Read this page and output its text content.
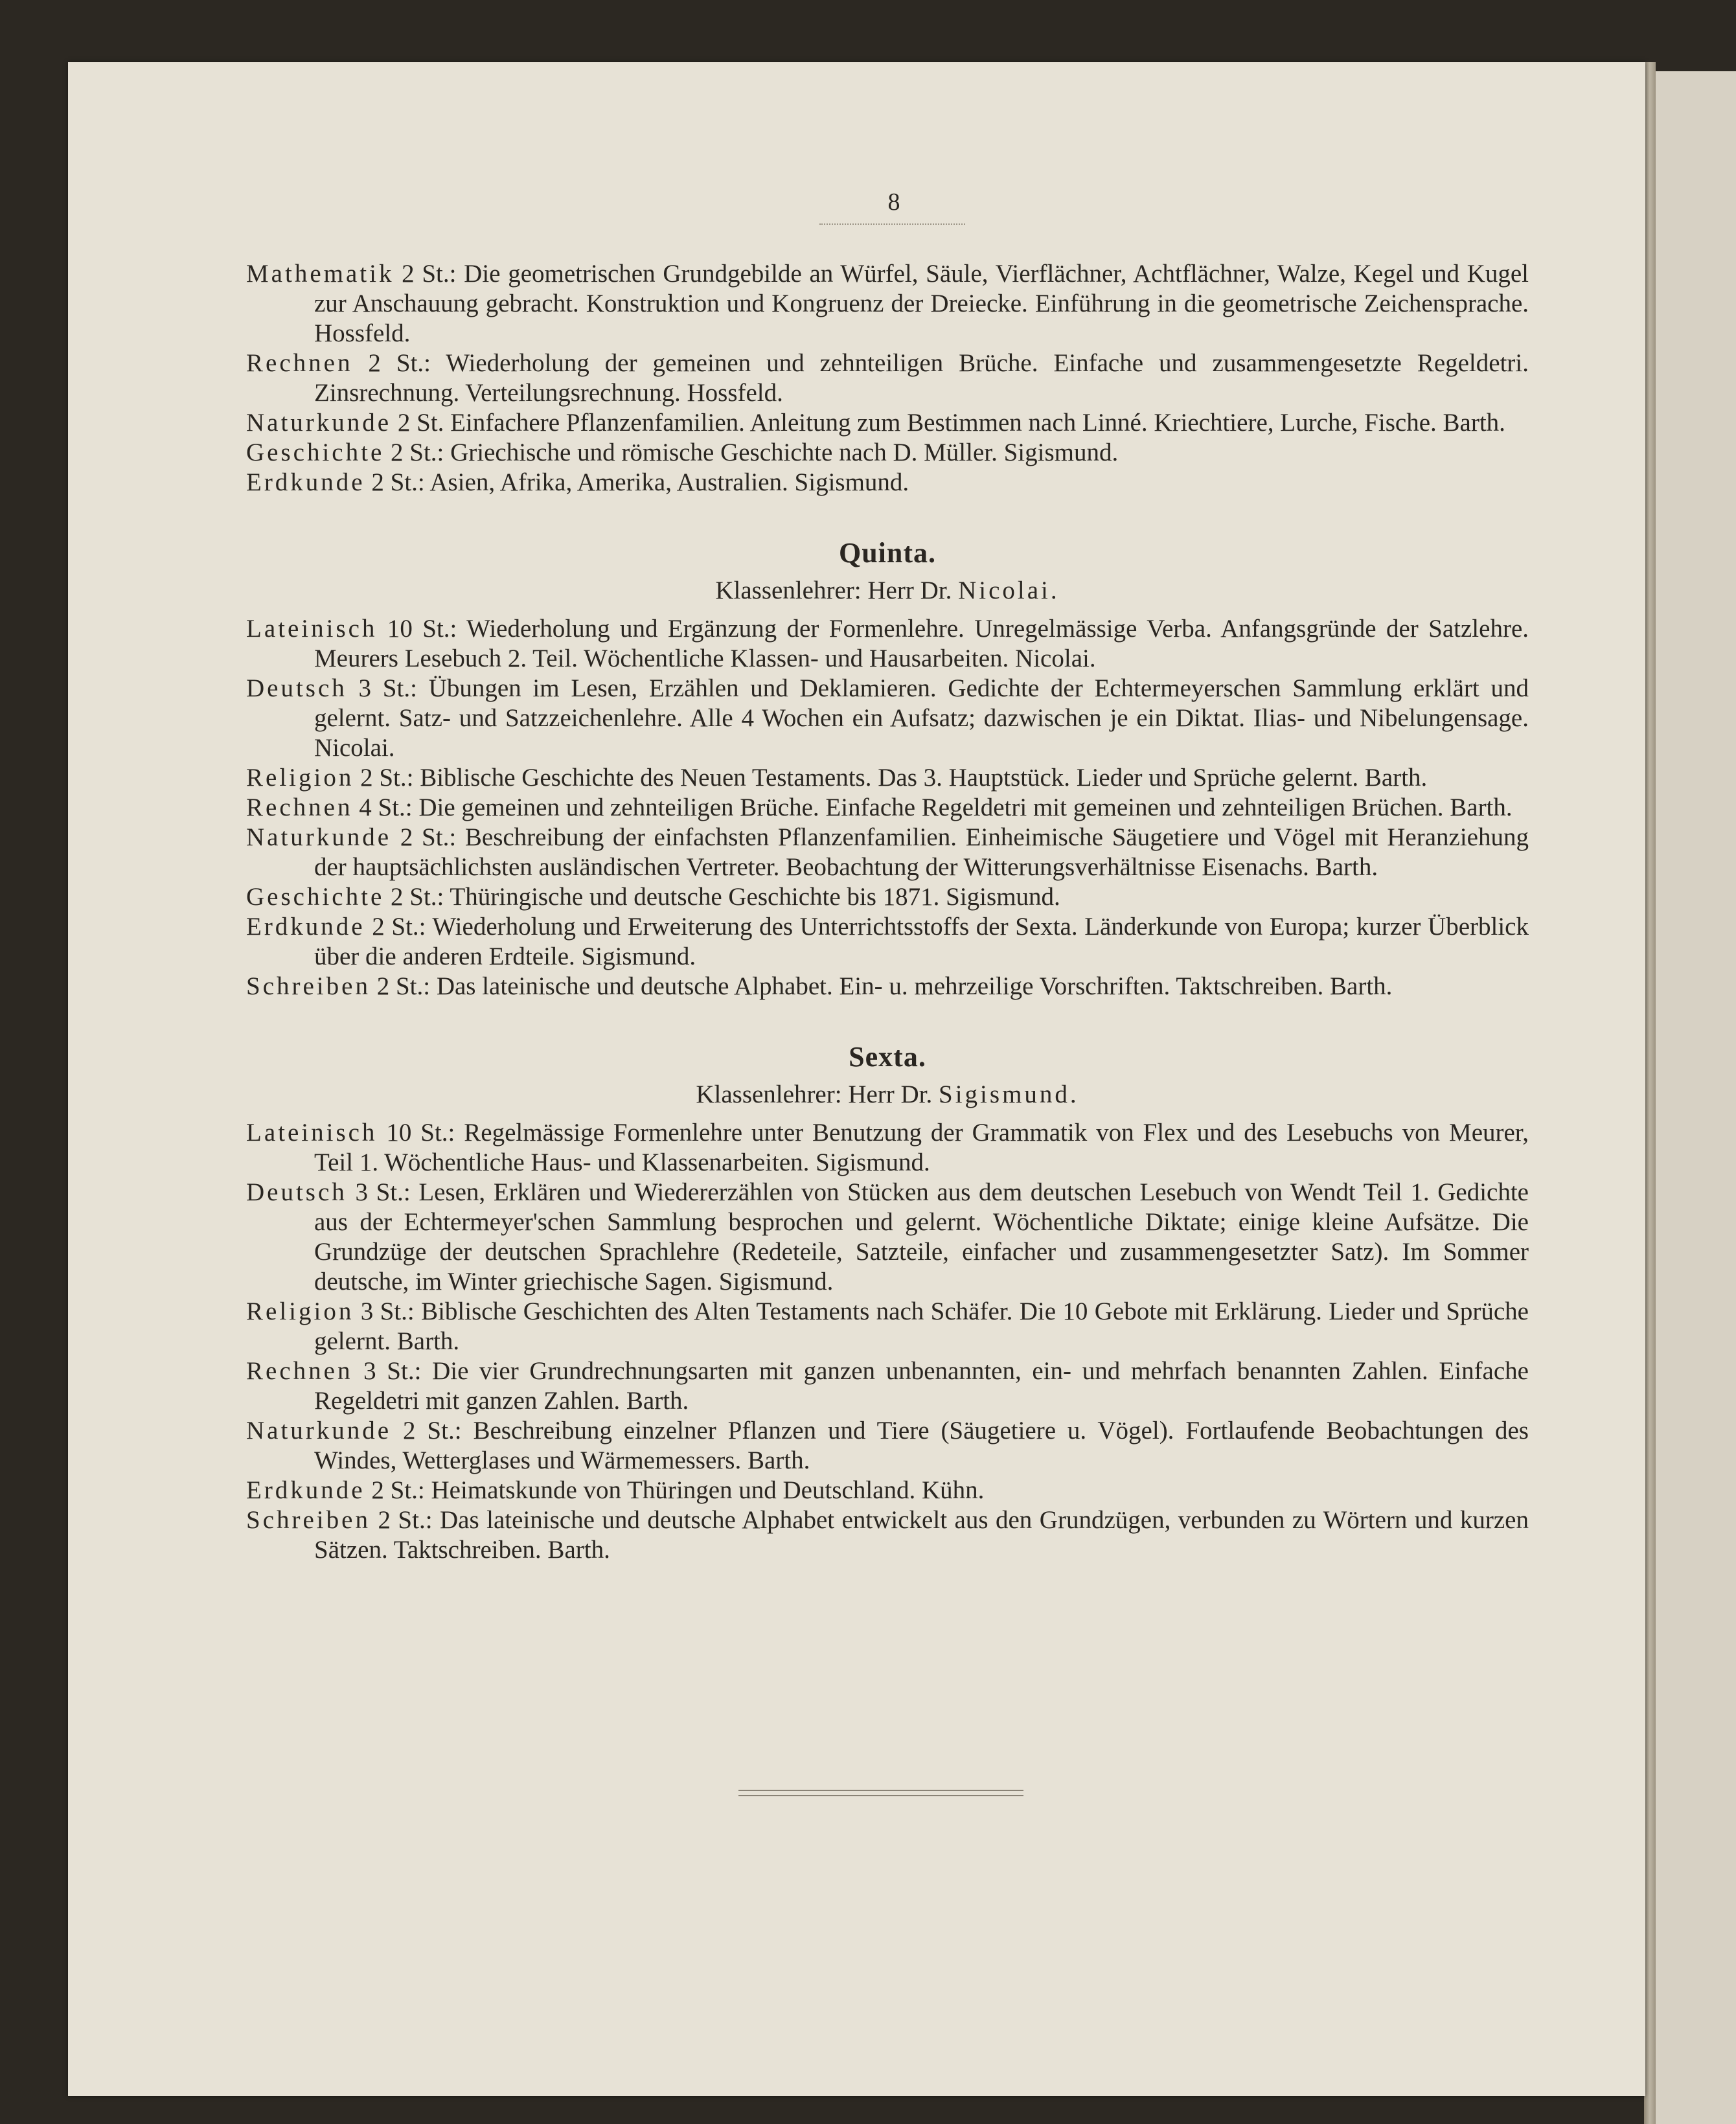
8

Mathematik 2 St.: Die geometrischen Grundgebilde an Würfel, Säule, Vierflächner, Achtflächner, Walze, Kegel und Kugel zur Anschauung gebracht. Konstruktion und Kongruenz der Dreiecke. Einführung in die geometrische Zeichensprache. Hossfeld.

Rechnen 2 St.: Wiederholung der gemeinen und zehnteiligen Brüche. Einfache und zusammengesetzte Regeldetri. Zinsrechnung. Verteilungsrechnung. Hossfeld.

Naturkunde 2 St. Einfachere Pflanzenfamilien. Anleitung zum Bestimmen nach Linné. Kriechtiere, Lurche, Fische. Barth.

Geschichte 2 St.: Griechische und römische Geschichte nach D. Müller. Sigismund.

Erdkunde 2 St.: Asien, Afrika, Amerika, Australien. Sigismund.

Quinta.
Klassenlehrer: Herr Dr. Nicolai.

Lateinisch 10 St.: Wiederholung und Ergänzung der Formenlehre. Unregelmässige Verba. Anfangsgründe der Satzlehre. Meurers Lesebuch 2. Teil. Wöchentliche Klassen- und Hausarbeiten. Nicolai.

Deutsch 3 St.: Übungen im Lesen, Erzählen und Deklamieren. Gedichte der Echtermeyerschen Sammlung erklärt und gelernt. Satz- und Satzzeichenlehre. Alle 4 Wochen ein Aufsatz; dazwischen je ein Diktat. Ilias- und Nibelungensage. Nicolai.

Religion 2 St.: Biblische Geschichte des Neuen Testaments. Das 3. Hauptstück. Lieder und Sprüche gelernt. Barth.

Rechnen 4 St.: Die gemeinen und zehnteiligen Brüche. Einfache Regeldetri mit gemeinen und zehnteiligen Brüchen. Barth.

Naturkunde 2 St.: Beschreibung der einfachsten Pflanzenfamilien. Einheimische Säugetiere und Vögel mit Heranziehung der hauptsächlichsten ausländischen Vertreter. Beobachtung der Witterungsverhältnisse Eisenachs. Barth.

Geschichte 2 St.: Thüringische und deutsche Geschichte bis 1871. Sigismund.

Erdkunde 2 St.: Wiederholung und Erweiterung des Unterrichtsstoffs der Sexta. Länderkunde von Europa; kurzer Überblick über die anderen Erdteile. Sigismund.

Schreiben 2 St.: Das lateinische und deutsche Alphabet. Ein- u. mehrzeilige Vorschriften. Taktschreiben. Barth.

Sexta.
Klassenlehrer: Herr Dr. Sigismund.

Lateinisch 10 St.: Regelmässige Formenlehre unter Benutzung der Grammatik von Flex und des Lesebuchs von Meurer, Teil 1. Wöchentliche Haus- und Klassenarbeiten. Sigismund.

Deutsch 3 St.: Lesen, Erklären und Wiedererzählen von Stücken aus dem deutschen Lesebuch von Wendt Teil 1. Gedichte aus der Echtermeyer'schen Sammlung besprochen und gelernt. Wöchentliche Diktate; einige kleine Aufsätze. Die Grundzüge der deutschen Sprachlehre (Redeteile, Satzteile, einfacher und zusammengesetzter Satz). Im Sommer deutsche, im Winter griechische Sagen. Sigismund.

Religion 3 St.: Biblische Geschichten des Alten Testaments nach Schäfer. Die 10 Gebote mit Erklärung. Lieder und Sprüche gelernt. Barth.

Rechnen 3 St.: Die vier Grundrechnungsarten mit ganzen unbenannten, ein- und mehrfach benannten Zahlen. Einfache Regeldetri mit ganzen Zahlen. Barth.

Naturkunde 2 St.: Beschreibung einzelner Pflanzen und Tiere (Säugetiere u. Vögel). Fortlaufende Beobachtungen des Windes, Wetterglases und Wärmemessers. Barth.

Erdkunde 2 St.: Heimatskunde von Thüringen und Deutschland. Kühn.

Schreiben 2 St.: Das lateinische und deutsche Alphabet entwickelt aus den Grundzügen, verbunden zu Wörtern und kurzen Sätzen. Taktschreiben. Barth.
